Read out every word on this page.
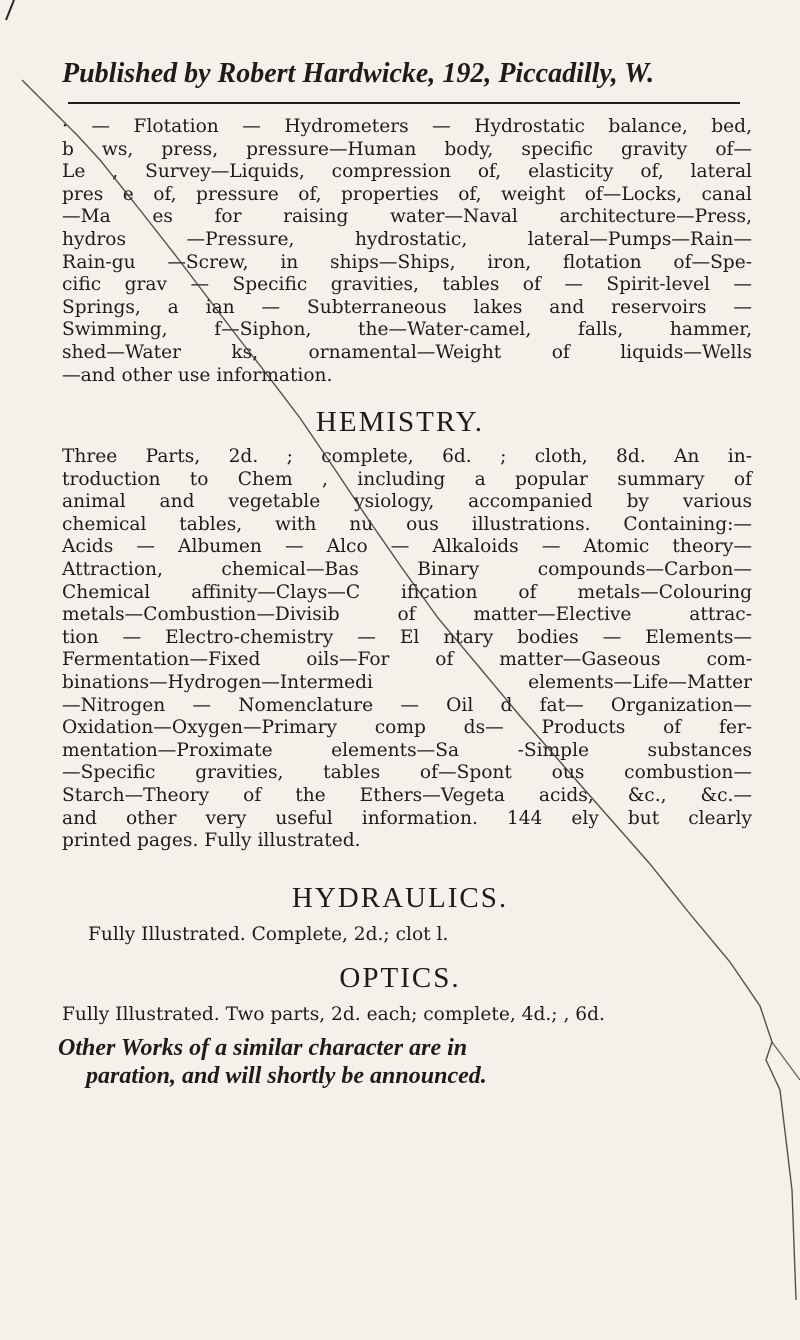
Published by Robert Hardwicke, 192, Piccadilly, W.
· — Flotation — Hydrometers — Hydrostatic balance, bed,
b ws, press, pressure—Human body, specific gravity of—
Le , Survey—Liquids, compression of, elasticity of, lateral
pres e of, pressure of, properties of, weight of—Locks, canal
—Ma es for raising water—Naval architecture—Press,
hydros —Pressure, hydrostatic, lateral—Pumps—Rain—
Rain-gu —Screw, in ships—Ships, iron, flotation of—Spe-
cific grav — Specific gravities, tables of — Spirit-level —
Springs, a ian — Subterraneous lakes and reservoirs —
Swimming, f—Siphon, the—Water-camel, falls, hammer,
shed—Water ks, ornamental—Weight of liquids—Wells
—and other use information.
HEMISTRY.
Three Parts, 2d. ; complete, 6d. ; cloth, 8d. An in-
troduction to Chem , including a popular summary of
animal and vegetable ysiology, accompanied by various
chemical tables, with nu ous illustrations. Containing:—
Acids — Albumen — Alco — Alkaloids — Atomic theory—
Attraction, chemical—Bas Binary compounds—Carbon—
Chemical affinity—Clays—C ification of metals—Colouring
metals—Combustion—Divisib of matter—Elective attrac-
tion — Electro-chemistry — El ntary bodies — Elements—
Fermentation—Fixed oils—For of matter—Gaseous com-
binations—Hydrogen—Intermedi elements—Life—Matter
—Nitrogen — Nomenclature — Oil d fat— Organization—
Oxidation—Oxygen—Primary comp ds— Products of fer-
mentation—Proximate elements—Sa -Simple substances
—Specific gravities, tables of—Spont ous combustion—
Starch—Theory of the Ethers—Vegeta acids, &c., &c.—
and other very useful information. 144 ely but clearly
printed pages. Fully illustrated.
HYDRAULICS.
Fully Illustrated. Complete, 2d.; clot l.
OPTICS.
Fully Illustrated. Two parts, 2d. each; complete, 4d.; , 6d.
Other Works of a similar character are in
paration, and will shortly be announced.
